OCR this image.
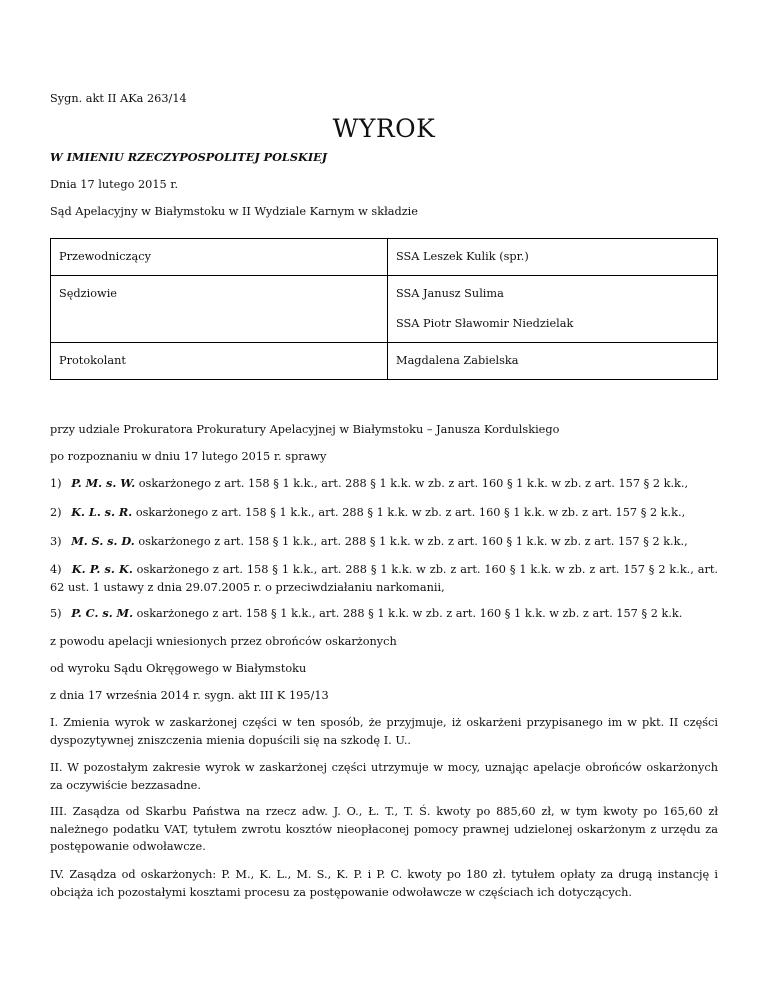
Sygn. akt II AKa 263/14

WYROK

W IMIENIU RZECZYPOSPOLITEJ POLSKIEJ

Dnia 17 lutego 2015 r.

Sąd Apelacyjny w Białymstoku w II Wydziale Karnym w składzie

Przewodniczący	SSA Leszek Kulik (spr.)

Sędziowie	SSA Janusz Sulima
SSA Piotr Sławomir Niedzielak

Protokolant	Magdalena Zabielska

przy udziale Prokuratora Prokuratury Apelacyjnej w Białymstoku – Janusza Kordulskiego

po rozpoznaniu w dniu 17 lutego 2015 r. sprawy

1) P. M. s. W. oskarżonego z art. 158 § 1 k.k., art. 288 § 1 k.k. w zb. z art. 160 § 1 k.k. w zb. z art. 157 § 2 k.k.,

2) K. L. s. R. oskarżonego z art. 158 § 1 k.k., art. 288 § 1 k.k. w zb. z art. 160 § 1 k.k. w zb. z art. 157 § 2 k.k.,

3) M. S. s. D. oskarżonego z art. 158 § 1 k.k., art. 288 § 1 k.k. w zb. z art. 160 § 1 k.k. w zb. z art. 157 § 2 k.k.,

4) K. P. s. K. oskarżonego z art. 158 § 1 k.k., art. 288 § 1 k.k. w zb. z art. 160 § 1 k.k. w zb. z art. 157 § 2 k.k., art. 62 ust. 1 ustawy z dnia 29.07.2005 r. o przeciwdziałaniu narkomanii,

5) P. C. s. M. oskarżonego z art. 158 § 1 k.k., art. 288 § 1 k.k. w zb. z art. 160 § 1 k.k. w zb. z art. 157 § 2 k.k.

z powodu apelacji wniesionych przez obrońców oskarżonych

od wyroku Sądu Okręgowego w Białymstoku

z dnia 17 września 2014 r. sygn. akt III K 195/13

I. Zmienia wyrok w zaskarżonej części w ten sposób, że przyjmuje, iż oskarżeni przypisanego im w pkt. II części dyspozytywnej zniszczenia mienia dopuścili się na szkodę I. U..

II. W pozostałym zakresie wyrok w zaskarżonej części utrzymuje w mocy, uznając apelacje obrońców oskarżonych za oczywiście bezzasadne.

III. Zasądza od Skarbu Państwa na rzecz adw. J. O., Ł. T., T. Ś. kwoty po 885,60 zł, w tym kwoty po 165,60 zł należnego podatku VAT, tytułem zwrotu kosztów nieopłaconej pomocy prawnej udzielonej oskarżonym z urzędu za postępowanie odwoławcze.

IV. Zasądza od oskarżonych: P. M., K. L., M. S., K. P. i P. C. kwoty po 180 zł. tytułem opłaty za drugą instancję i obciąża ich pozostałymi kosztami procesu za postępowanie odwoławcze w częściach ich dotyczących.
